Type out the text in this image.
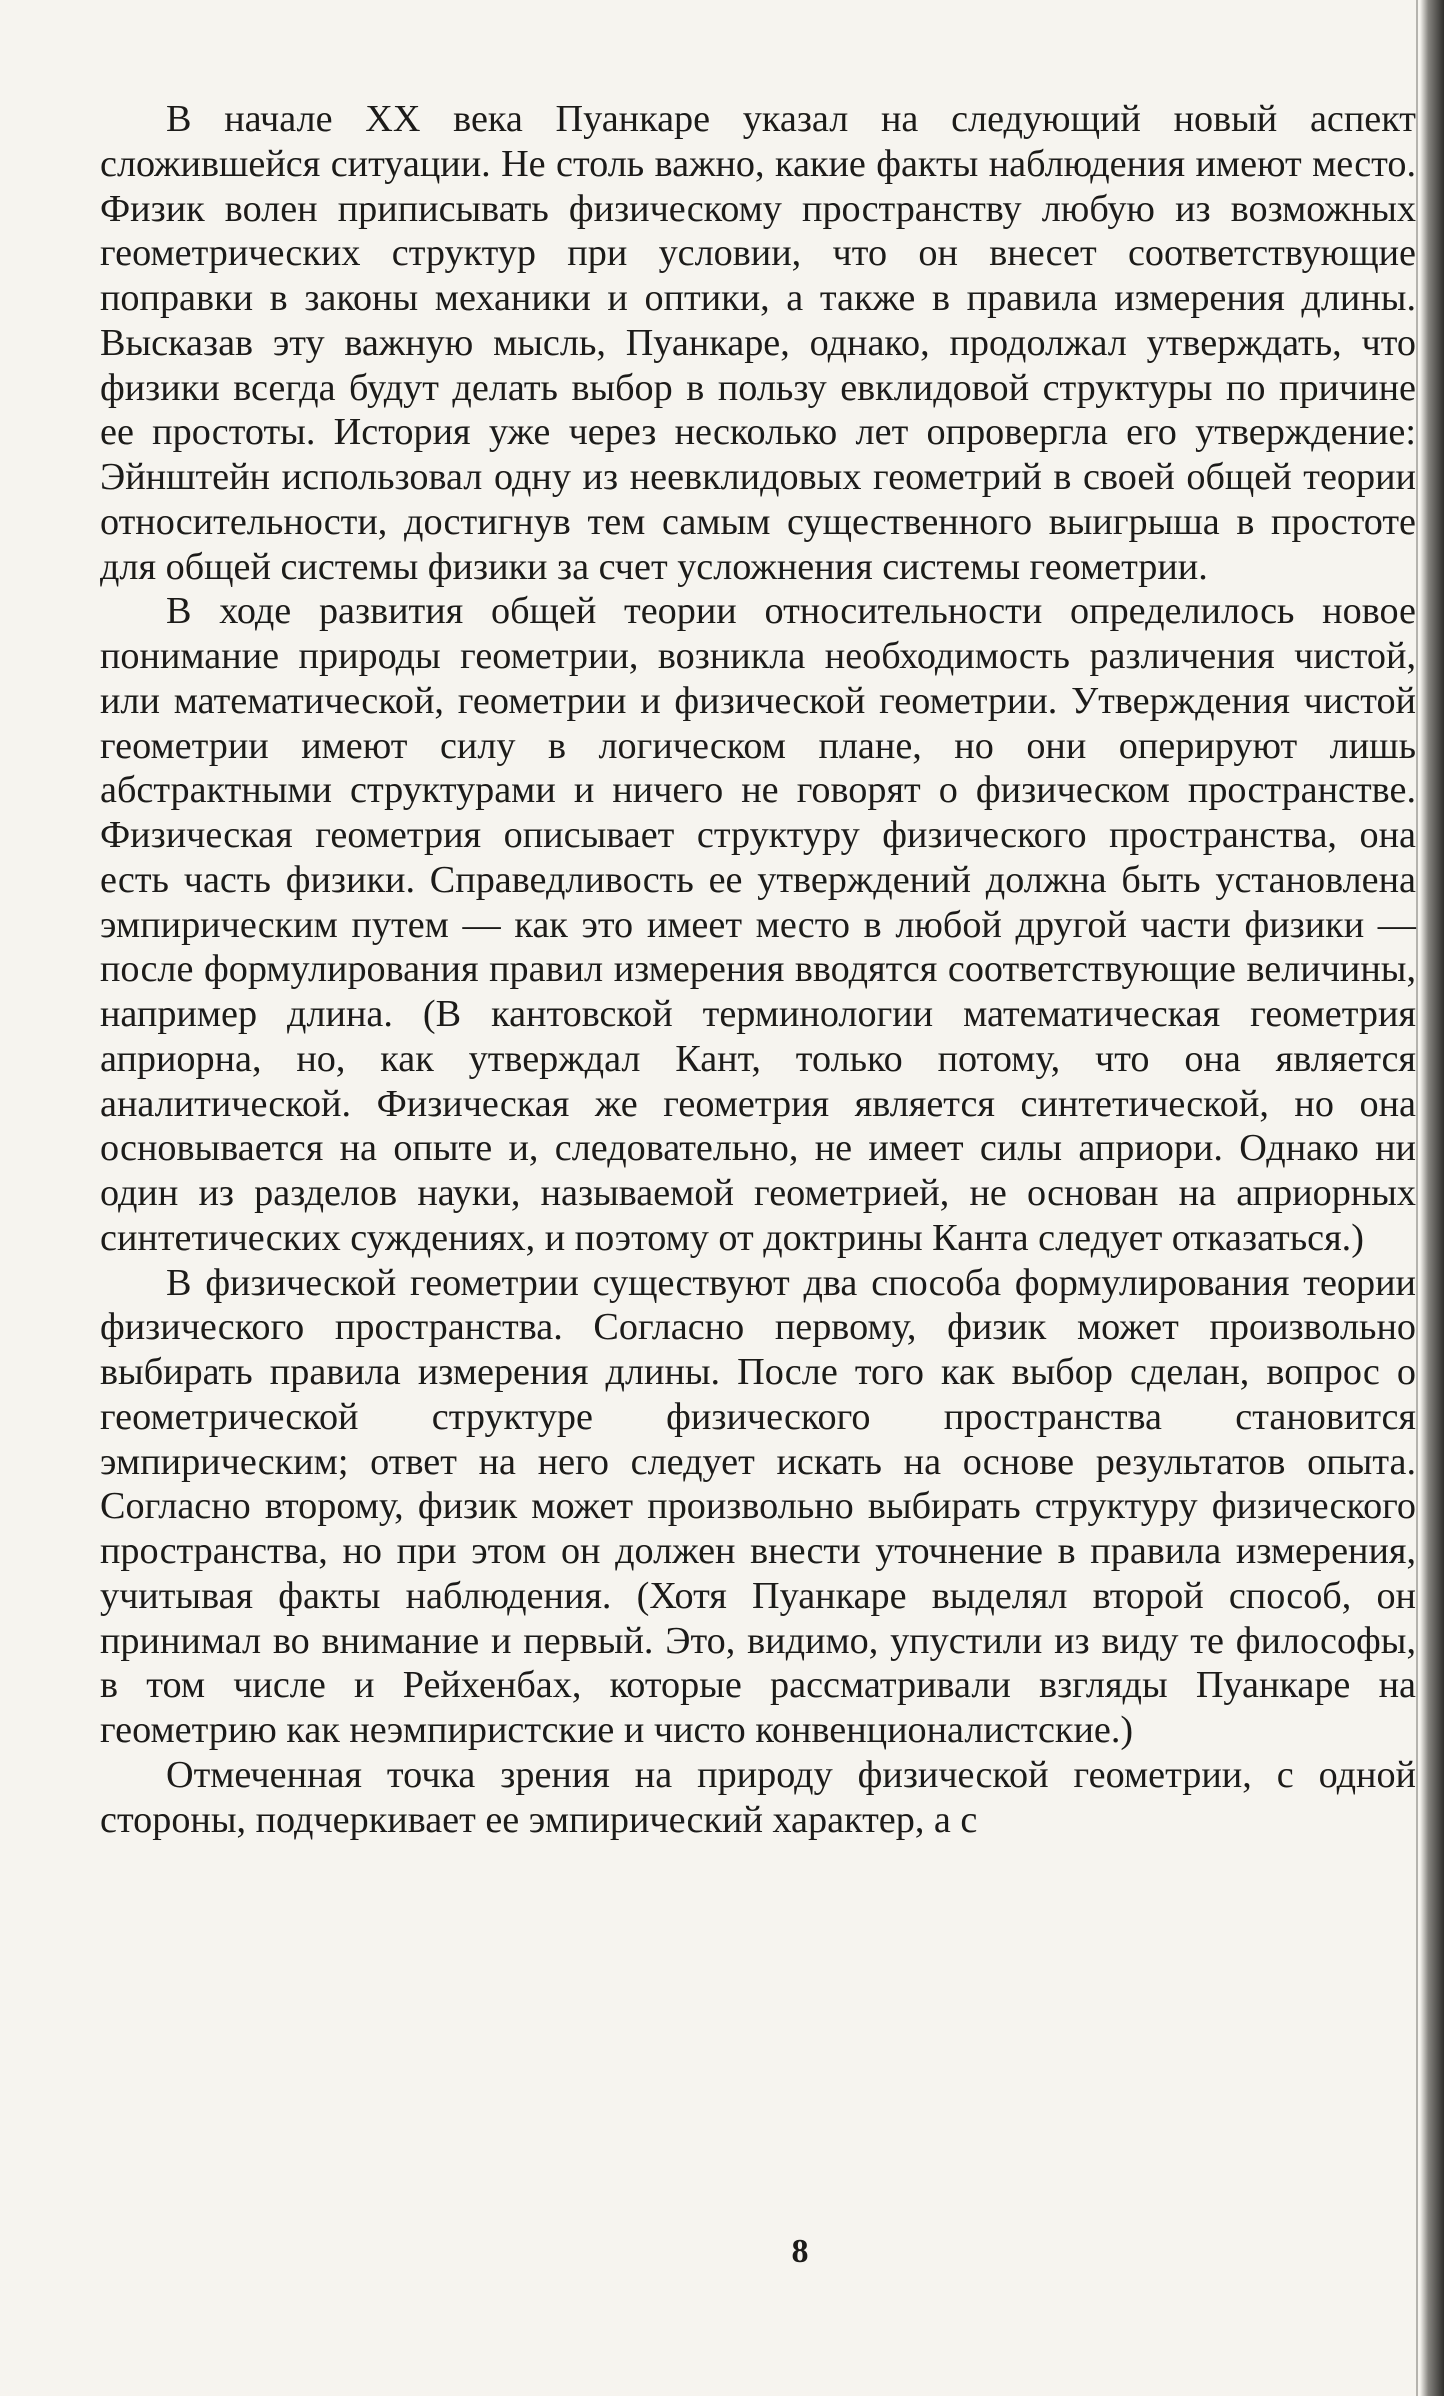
В начале XX века Пуанкаре указал на следующий новый аспект сложившейся ситуации. Не столь важно, какие факты наблюдения имеют место. Физик волен приписывать физическому пространству любую из возможных геометрических структур при условии, что он внесет соответствующие поправки в законы механики и оптики, а также в правила измерения длины. Высказав эту важную мысль, Пуанкаре, однако, продолжал утверждать, что физики всегда будут делать выбор в пользу евклидовой структуры по причине ее простоты. История уже через несколько лет опровергла его утверждение: Эйнштейн использовал одну из неевклидовых геометрий в своей общей теории относительности, достигнув тем самым существенного выигрыша в простоте для общей системы физики за счет усложнения системы геометрии.

В ходе развития общей теории относительности определилось новое понимание природы геометрии, возникла необходимость различения чистой, или математической, геометрии и физической геометрии. Утверждения чистой геометрии имеют силу в логическом плане, но они оперируют лишь абстрактными структурами и ничего не говорят о физическом пространстве. Физическая геометрия описывает структуру физического пространства, она есть часть физики. Справедливость ее утверждений должна быть установлена эмпирическим путем — как это имеет место в любой другой части физики — после формулирования правил измерения вводятся соответствующие величины, например длина. (В кантовской терминологии математическая геометрия априорна, но, как утверждал Кант, только потому, что она является аналитической. Физическая же геометрия является синтетической, но она основывается на опыте и, следовательно, не имеет силы априори. Однако ни один из разделов науки, называемой геометрией, не основан на априорных синтетических суждениях, и поэтому от доктрины Канта следует отказаться.)

В физической геометрии существуют два способа формулирования теории физического пространства. Согласно первому, физик может произвольно выбирать правила измерения длины. После того как выбор сделан, вопрос о геометрической структуре физического пространства становится эмпирическим; ответ на него следует искать на основе результатов опыта. Согласно второму, физик может произвольно выбирать структуру физического пространства, но при этом он должен внести уточнение в правила измерения, учитывая факты наблюдения. (Хотя Пуанкаре выделял второй способ, он принимал во внимание и первый. Это, видимо, упустили из виду те философы, в том числе и Рейхенбах, которые рассматривали взгляды Пуанкаре на геометрию как неэмпиристские и чисто конвенционалистские.)

Отмеченная точка зрения на природу физической геометрии, с одной стороны, подчеркивает ее эмпирический характер, а с

8
